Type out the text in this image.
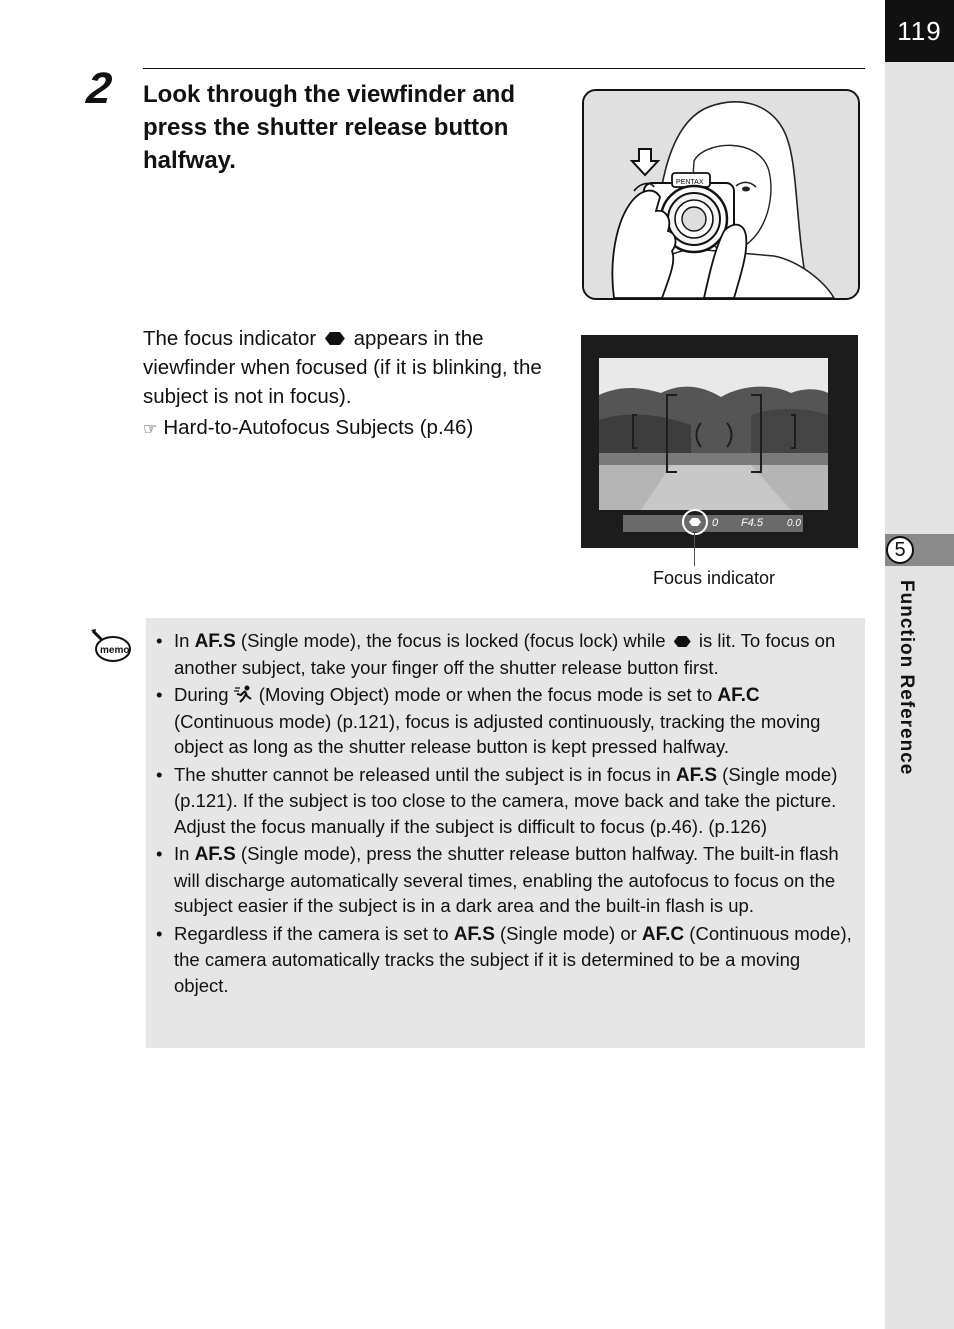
119
5
Function Reference
2 Look through the viewfinder and press the shutter release button halfway.
The focus indicator appears in the viewfinder when focused (if it is blinking, the subject is not in focus).
☞ Hard-to-Autofocus Subjects (p.46)
PENTAX
0 F4.5 0.0
Focus indicator
memo
• In AF.S (Single mode), the focus is locked (focus lock) while  is lit. To focus on another subject, take your finger off the shutter release button first.
• During  (Moving Object) mode or when the focus mode is set to AF.C (Continuous mode) (p.121), focus is adjusted continuously, tracking the moving object as long as the shutter release button is kept pressed halfway.
• The shutter cannot be released until the subject is in focus in AF.S (Single mode) (p.121). If the subject is too close to the camera, move back and take the picture. Adjust the focus manually if the subject is difficult to focus (p.46). (p.126)
• In AF.S (Single mode), press the shutter release button halfway. The built-in flash will discharge automatically several times, enabling the autofocus to focus on the subject easier if the subject is in a dark area and the built-in flash is up.
• Regardless if the camera is set to AF.S (Single mode) or AF.C (Continuous mode), the camera automatically tracks the subject if it is determined to be a moving object.
